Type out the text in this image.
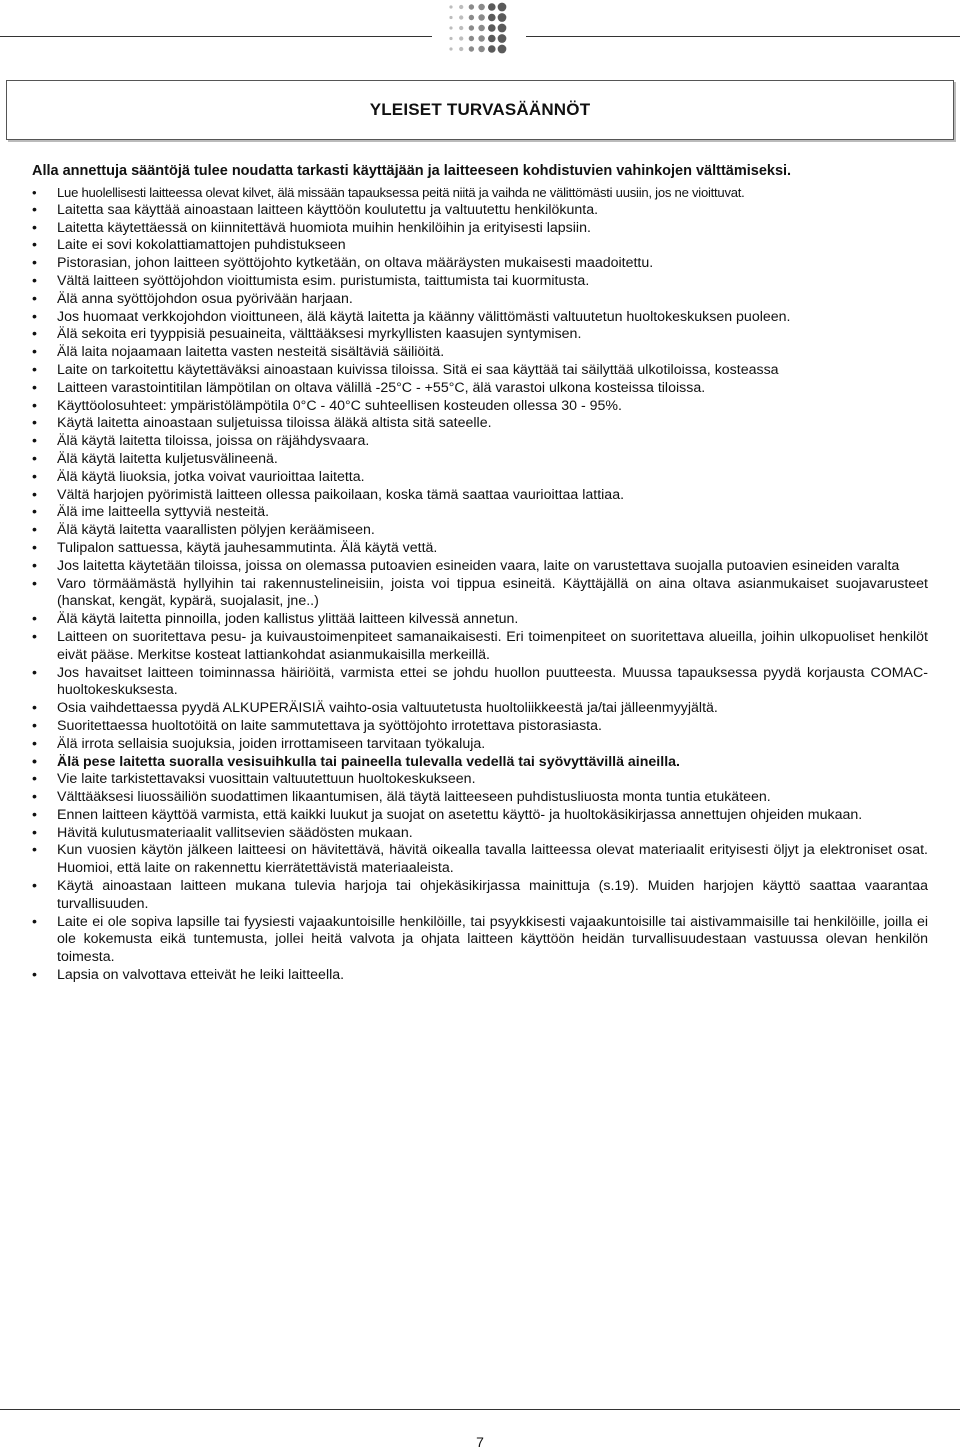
YLEISET TURVASÄÄNNÖT
Alla annettuja sääntöjä tulee noudatta tarkasti käyttäjään ja laitteeseen kohdistuvien vahinkojen välttämiseksi.
• Lue huolellisesti laitteessa olevat kilvet, älä missään tapauksessa peitä niitä ja vaihda ne välittömästi uusiin, jos ne vioittuvat.
• Laitetta saa käyttää ainoastaan laitteen käyttöön koulutettu ja valtuutettu henkilökunta.
• Laitetta käytettäessä on kiinnitettävä huomiota muihin henkilöihin ja erityisesti lapsiin.
• Laite ei sovi kokolattiamattojen puhdistukseen
• Pistorasian, johon laitteen syöttöjohto kytketään, on oltava määräysten mukaisesti maadoitettu.
• Vältä laitteen syöttöjohdon vioittumista esim. puristumista, taittumista tai kuormitusta.
• Älä anna syöttöjohdon osua pyörivään harjaan.
• Jos huomaat verkkojohdon vioittuneen, älä käytä laitetta ja käänny välittömästi valtuutetun huoltokeskuksen puoleen.
• Älä sekoita eri tyyppisiä pesuaineita, välttääksesi myrkyllisten kaasujen syntymisen.
• Älä laita nojaamaan laitetta vasten nesteitä sisältäviä säiliöitä.
• Laite on tarkoitettu käytettäväksi ainoastaan kuivissa tiloissa. Sitä ei saa käyttää tai säilyttää ulkotiloissa, kosteassa
• Laitteen varastointitilan lämpötilan on oltava välillä -25°C - +55°C, älä varastoi ulkona kosteissa tiloissa.
• Käyttöolosuhteet: ympäristölämpötila 0°C - 40°C suhteellisen kosteuden ollessa 30 - 95%.
• Käytä laitetta ainoastaan suljetuissa tiloissa äläkä altista sitä sateelle.
• Älä käytä laitetta tiloissa, joissa on räjähdysvaara.
• Älä käytä laitetta kuljetusvälineenä.
• Älä käytä liuoksia, jotka voivat vaurioittaa laitetta.
• Vältä harjojen pyörimistä laitteen ollessa paikoilaan, koska tämä saattaa vaurioittaa lattiaa.
• Älä ime laitteella syttyviä nesteitä.
• Älä käytä laitetta vaarallisten pölyjen keräämiseen.
• Tulipalon sattuessa, käytä jauhesammutinta. Älä käytä vettä.
• Jos laitetta käytetään tiloissa, joissa on olemassa putoavien esineiden vaara, laite on varustettava suojalla putoavien esineiden varalta
• Varo törmäämästä hyllyihin tai rakennustelineisiin, joista voi tippua esineitä. Käyttäjällä on aina oltava asianmukaiset suojavarusteet (hanskat, kengät, kypärä, suojalasit, jne..)
• Älä käytä laitetta pinnoilla, joden kallistus ylittää laitteen kilvessä annetun.
• Laitteen on suoritettava pesu- ja kuivaustoimenpiteet samanaikaisesti. Eri toimenpiteet on suoritettava alueilla, joihin ulkopuoliset henkilöt eivät pääse. Merkitse kosteat lattiankohdat asianmukaisilla merkeillä.
• Jos havaitset laitteen toiminnassa häiriöitä, varmista ettei se johdu huollon puutteesta. Muussa tapauksessa pyydä korjausta COMAC-huoltokeskuksesta.
• Osia vaihdettaessa pyydä ALKUPERÄISIÄ vaihto-osia valtuutetusta huoltoliikkeestä ja/tai jälleenmyyjältä.
• Suoritettaessa huoltotöitä on laite sammutettava ja syöttöjohto irrotettava pistorasiasta.
• Älä irrota sellaisia suojuksia, joiden irrottamiseen tarvitaan työkaluja.
• Älä pese laitetta suoralla vesisuihkulla tai paineella tulevalla vedellä tai syövyttävillä aineilla.
• Vie laite tarkistettavaksi vuosittain valtuutettuun huoltokeskukseen.
• Välttääksesi liuossäiliön suodattimen likaantumisen, älä täytä laitteeseen puhdistusliuosta monta tuntia etukäteen.
• Ennen laitteen käyttöä varmista, että kaikki luukut ja suojat on asetettu käyttö- ja huoltokäsikirjassa annettujen ohjeiden mukaan.
• Hävitä kulutusmateriaalit vallitsevien säädösten mukaan.
• Kun vuosien käytön jälkeen laitteesi on hävitettävä, hävitä oikealla tavalla laitteessa olevat materiaalit erityisesti öljyt ja elektroniset osat. Huomioi, että laite on rakennettu kierrätettävistä materiaaleista.
• Käytä ainoastaan laitteen mukana tulevia harjoja tai ohjekäsikirjassa mainittuja (s.19). Muiden harjojen käyttö saattaa vaarantaa turvallisuuden.
• Laite ei ole sopiva lapsille tai fyysiesti vajaakuntoisille henkilöille, tai psyykkisesti vajaakuntoisille tai aistivammaisille tai henkilöille, joilla ei ole kokemusta eikä tuntemusta, jollei heitä valvota ja ohjata laitteen käyttöön heidän turvallisuudestaan vastuussa olevan henkilön toimesta.
• Lapsia on valvottava etteivät he leiki laitteella.
7
